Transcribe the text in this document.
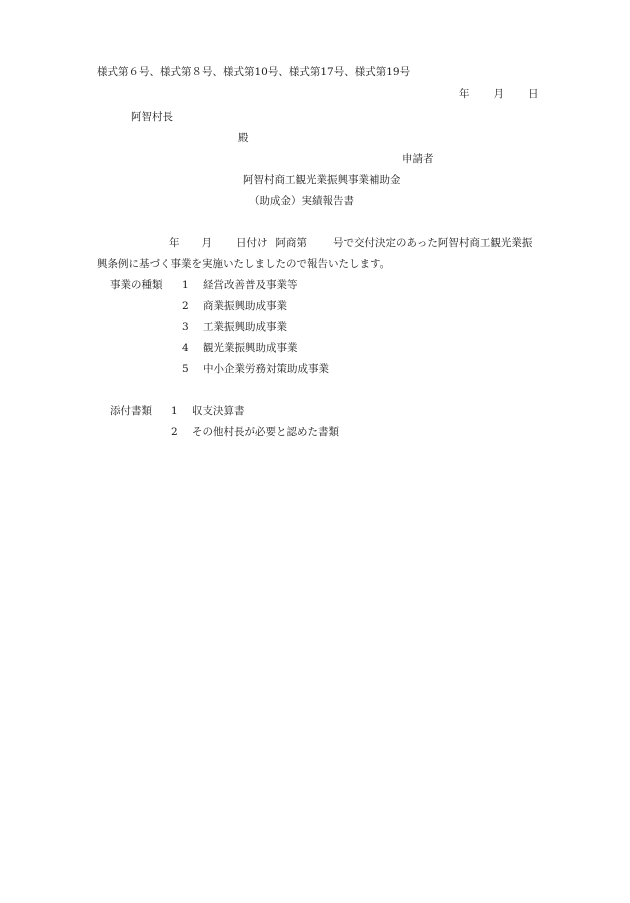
様式第６号、様式第８号、様式第10号、様式第17号、様式第19号
年 月 日
阿智村長
殿
申請者
阿智村商工観光業振興事業補助金
（助成金）実績報告書
年 月 日付け 阿商第 号で交付決定のあった阿智村商工観光業振
興条例に基づく事業を実施いたしましたので報告いたします。
事業の種類 1 経営改善普及事業等
2 商業振興助成事業
3 工業振興助成事業
4 観光業振興助成事業
5 中小企業労務対策助成事業
添付書類 1 収支決算書
2 その他村長が必要と認めた書類
